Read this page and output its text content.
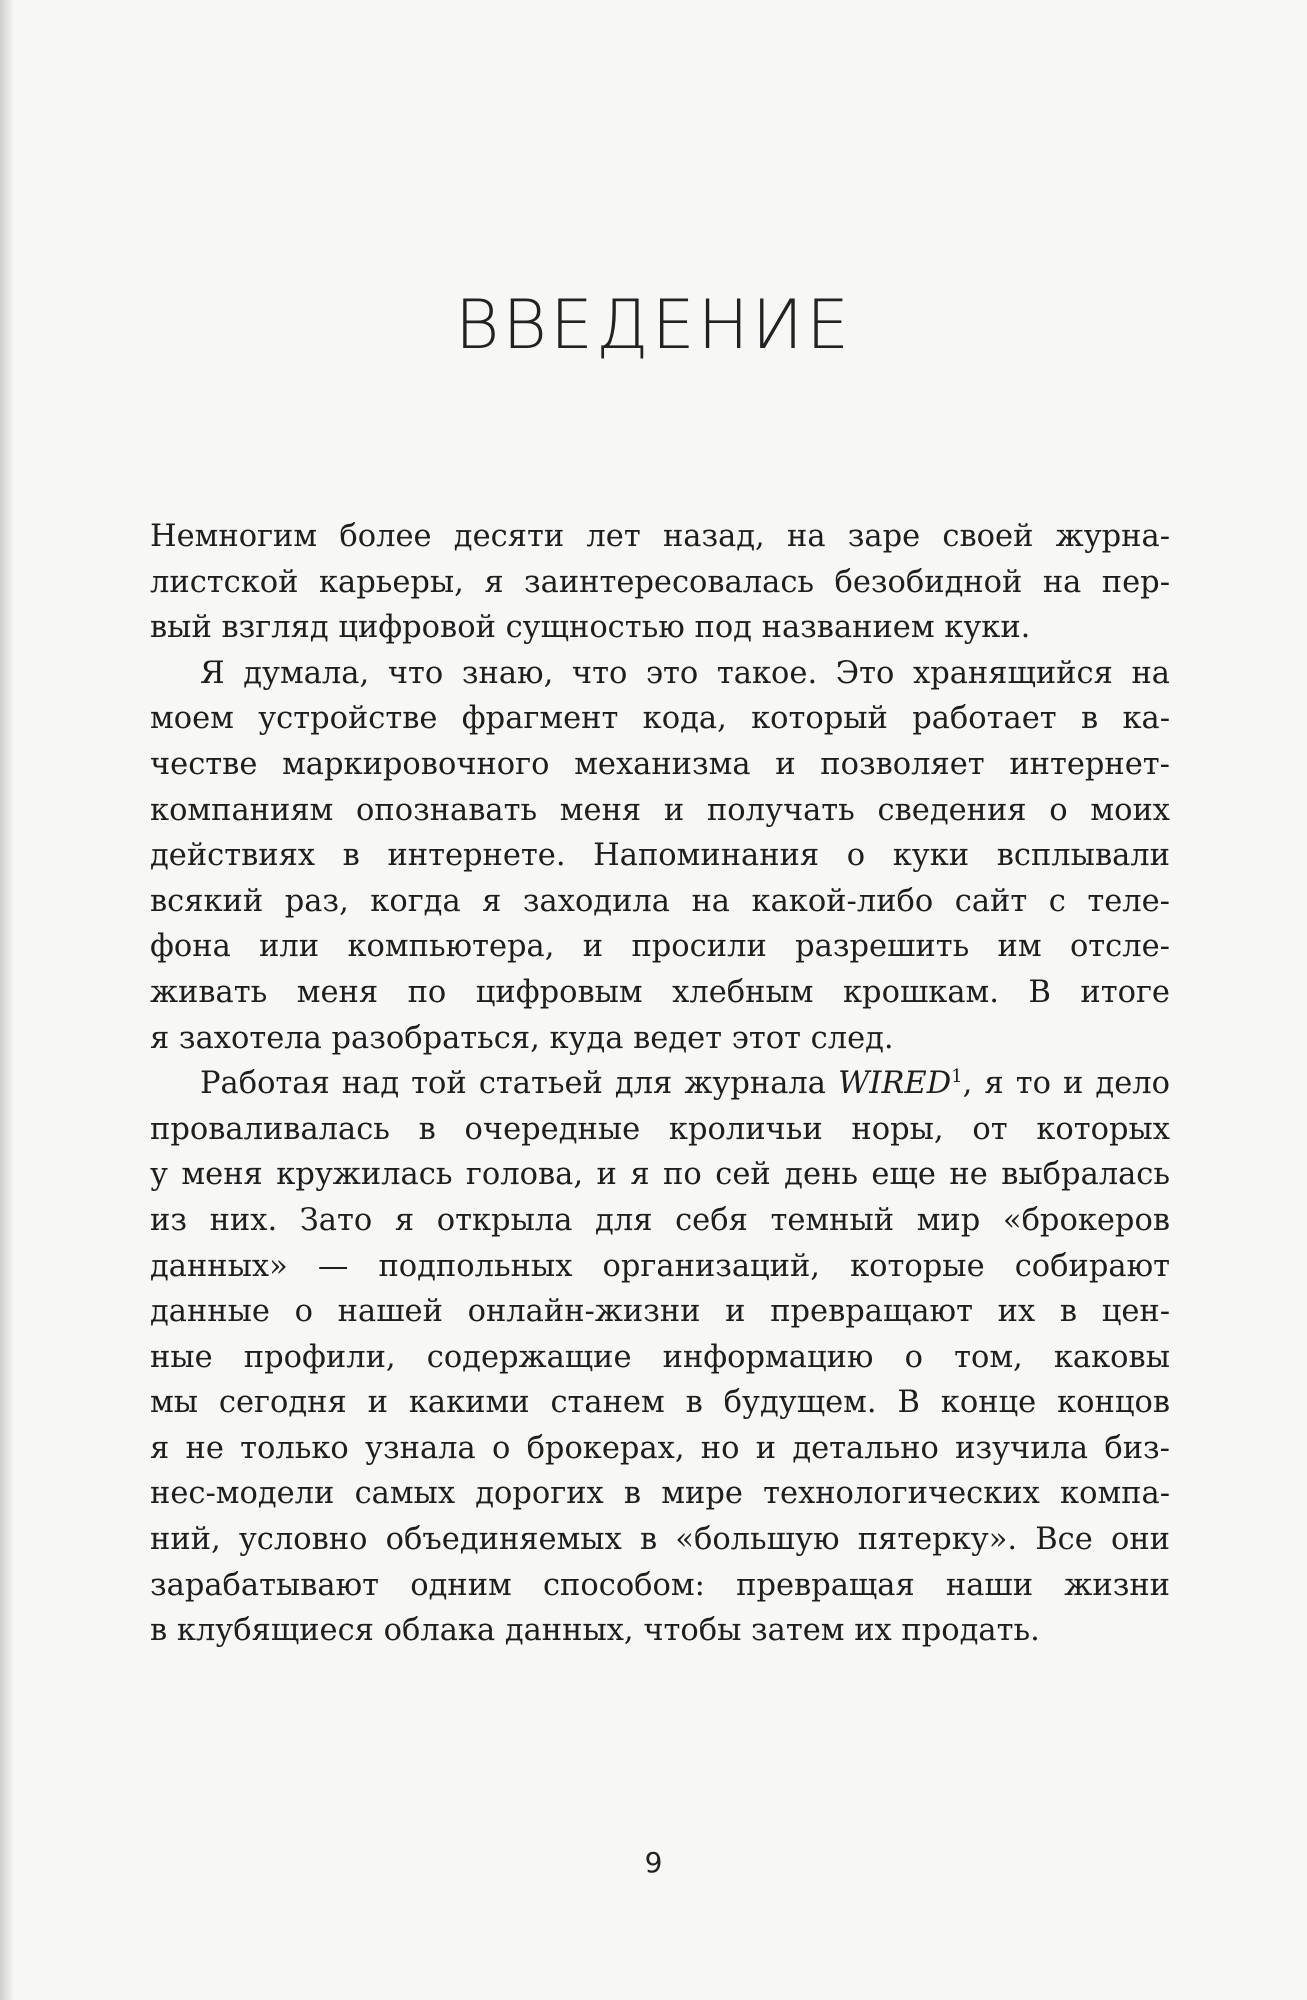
ВВЕДЕНИЕ
Немногим более десяти лет назад, на заре своей журна-
листской карьеры, я заинтересовалась безобидной на пер-
вый взгляд цифровой сущностью под названием куки.
Я думала, что знаю, что это такое. Это хранящийся на
моем устройстве фрагмент кода, который работает в ка-
честве маркировочного механизма и позволяет интернет-
компаниям опознавать меня и получать сведения о моих
действиях в интернете. Напоминания о куки всплывали
всякий раз, когда я заходила на какой-либо сайт с теле-
фона или компьютера, и просили разрешить им отсле-
живать меня по цифровым хлебным крошкам. В итоге
я захотела разобраться, куда ведет этот след.
Работая над той статьей для журнала WIRED$^1$, я то и дело
проваливалась в очередные кроличьи норы, от которых
у меня кружилась голова, и я по сей день еще не выбралась
из них. Зато я открыла для себя темный мир «брокеров
данных» — подпольных организаций, которые собирают
данные о нашей онлайн-жизни и превращают их в цен-
ные профили, содержащие информацию о том, каковы
мы сегодня и какими станем в будущем. В конце концов
я не только узнала о брокерах, но и детально изучила биз-
нес-модели самых дорогих в мире технологических компа-
ний, условно объединяемых в «большую пятерку». Все они
зарабатывают одним способом: превращая наши жизни
в клубящиеся облака данных, чтобы затем их продать.
9
